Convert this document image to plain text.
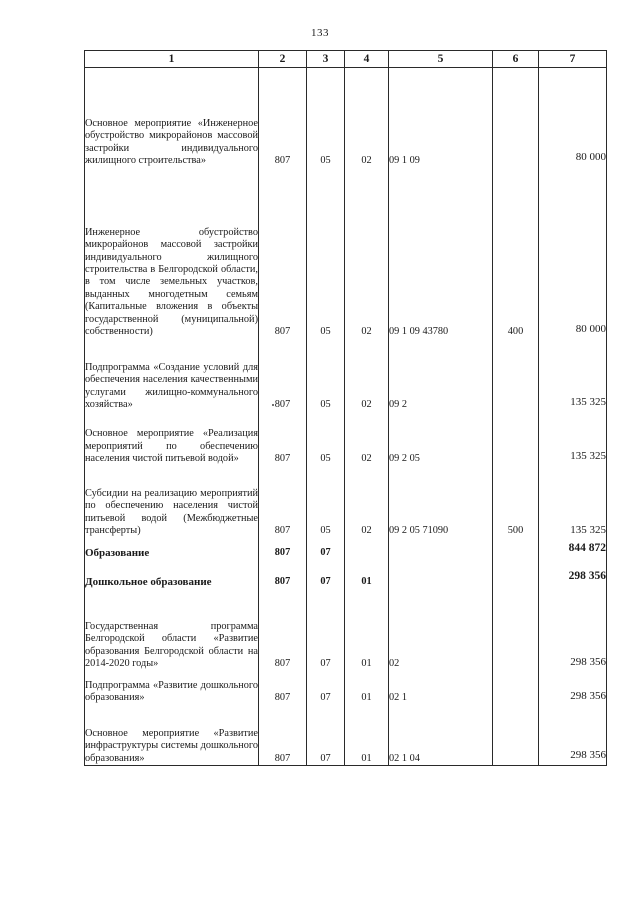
133
1	2	3	4	5	6	7
Основное мероприятие «Инженерное обустройство микрорайонов массовой застройки индивидуального жилищного строительства»	807	05	02	09 1 09		80 000
Инженерное обустройство микрорайонов массовой застройки индивидуального жилищного строительства в Белгородской области, в том числе земельных участков, выданных многодетным семьям (Капитальные вложения в объекты государственной (муниципальной) собственности)	807	05	02	09 1 09 43780	400	80 000
Подпрограмма «Создание условий для обеспечения населения качественными услугами жилищно-коммунального хозяйства»	807	05	02	09 2		135 325
Основное мероприятие «Реализация мероприятий по обеспечению населения чистой питьевой водой»	807	05	02	09 2 05		135 325
Субсидии на реализацию мероприятий по обеспечению населения чистой питьевой водой (Межбюджетные трансферты)	807	05	02	09 2 05 71090	500	135 325
Образование	807	07				844 872
Дошкольное образование	807	07	01			298 356
Государственная программа Белгородской области «Развитие образования Белгородской области на 2014-2020 годы»	807	07	01	02		298 356
Подпрограмма «Развитие дошкольного образования»	807	07	01	02 1		298 356
Основное мероприятие «Развитие инфраструктуры системы дошкольного образования»	807	07	01	02 1 04		298 356
